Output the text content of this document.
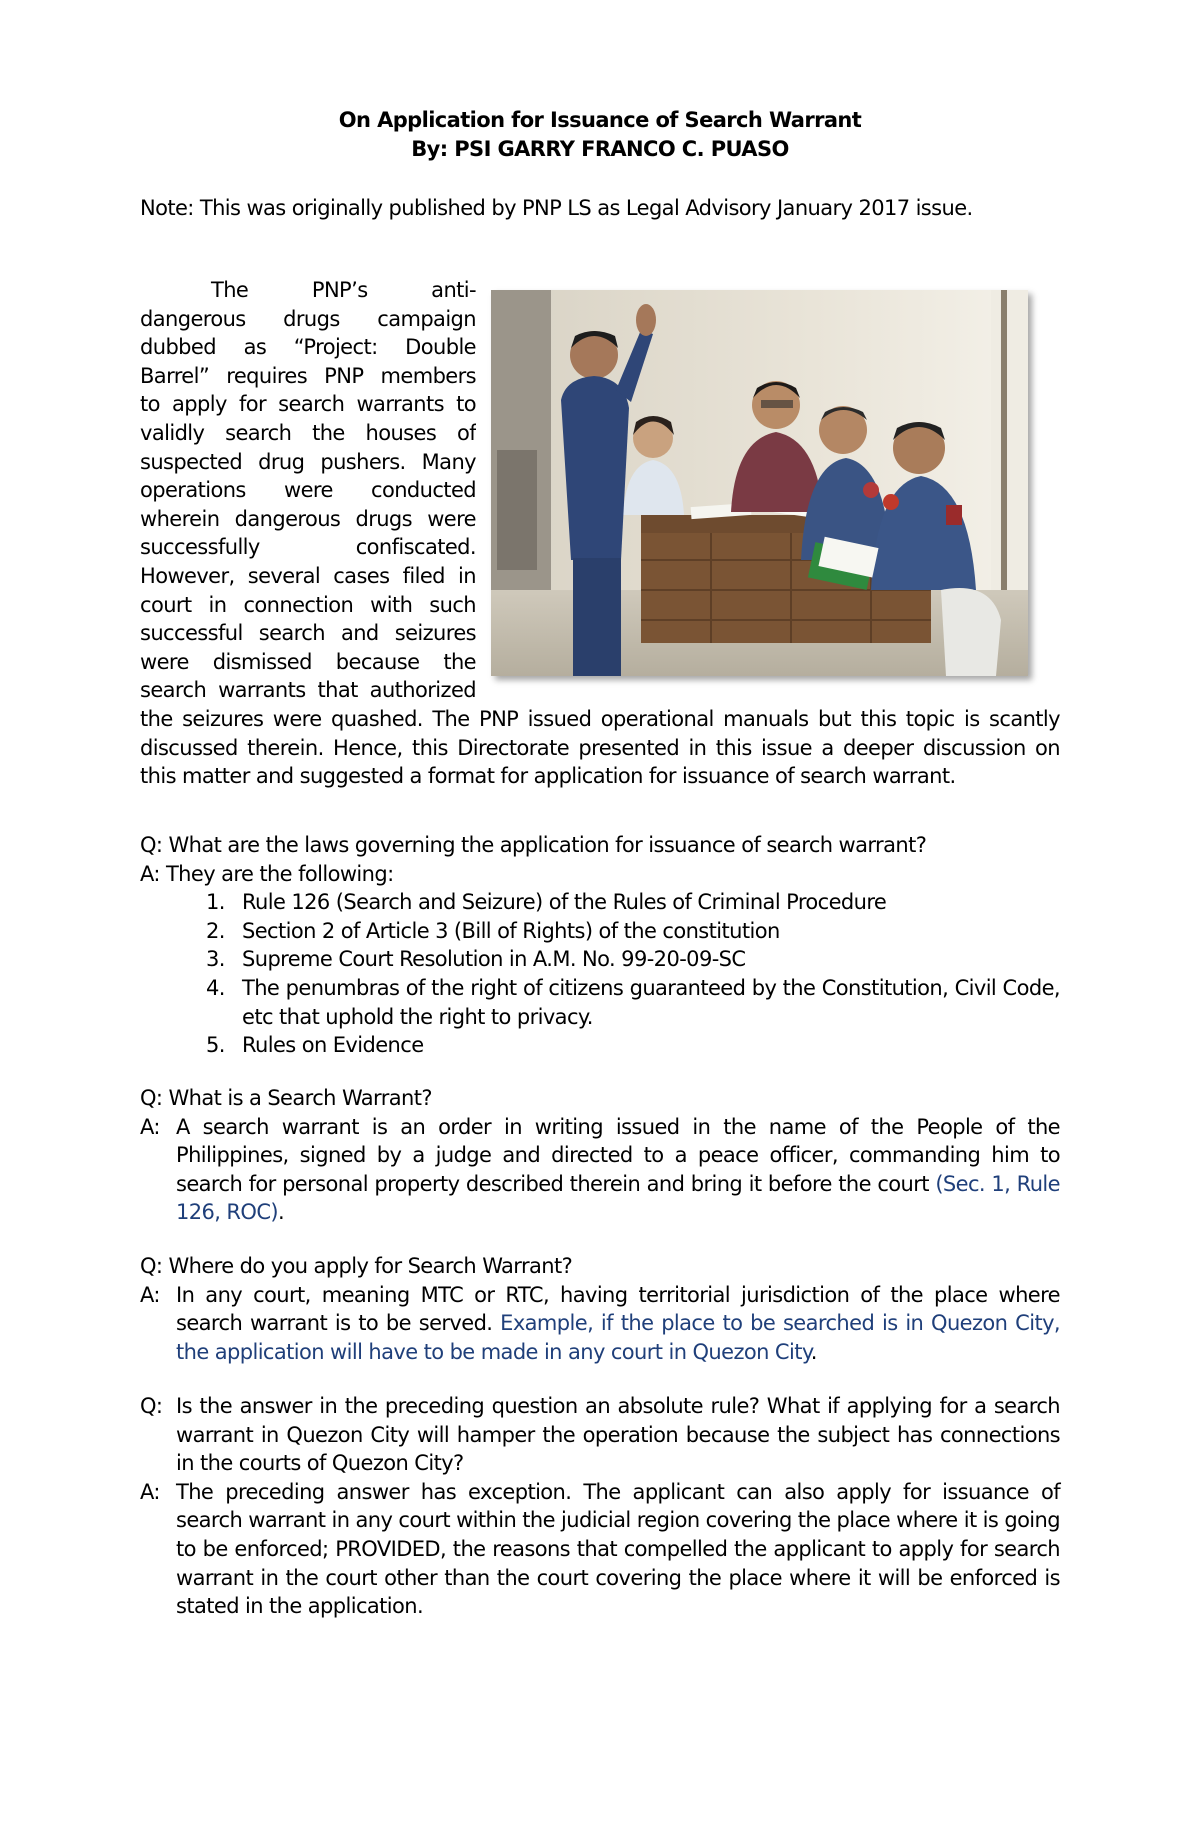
On Application for Issuance of Search Warrant
By: PSI GARRY FRANCO C. PUASO
Note: This was originally published by PNP LS as Legal Advisory January 2017 issue.
The PNP’s anti-
dangerous drugs campaign
dubbed as “Project: Double
Barrel” requires PNP members
to apply for search warrants to
validly search the houses of
suspected drug pushers. Many
operations were conducted
wherein dangerous drugs were
successfully confiscated.
However, several cases filed in
court in connection with such
successful search and seizures
were dismissed because the
search warrants that authorized
the seizures were quashed. The PNP issued operational manuals but this topic is scantly discussed therein. Hence, this Directorate presented in this issue a deeper discussion on this matter and suggested a format for application for issuance of search warrant.
Q: What are the laws governing the application for issuance of search warrant?
A: They are the following:
1. Rule 126 (Search and Seizure) of the Rules of Criminal Procedure
2. Section 2 of Article 3 (Bill of Rights) of the constitution
3. Supreme Court Resolution in A.M. No. 99-20-09-SC
4. The penumbras of the right of citizens guaranteed by the Constitution, Civil Code, etc that uphold the right to privacy.
5. Rules on Evidence
Q: What is a Search Warrant?
A: A search warrant is an order in writing issued in the name of the People of the Philippines, signed by a judge and directed to a peace officer, commanding him to search for personal property described therein and bring it before the court (Sec. 1, Rule 126, ROC).
Q: Where do you apply for Search Warrant?
A: In any court, meaning MTC or RTC, having territorial jurisdiction of the place where search warrant is to be served. Example, if the place to be searched is in Quezon City, the application will have to be made in any court in Quezon City.
Q: Is the answer in the preceding question an absolute rule? What if applying for a search warrant in Quezon City will hamper the operation because the subject has connections in the courts of Quezon City?
A: The preceding answer has exception. The applicant can also apply for issuance of search warrant in any court within the judicial region covering the place where it is going to be enforced; PROVIDED, the reasons that compelled the applicant to apply for search warrant in the court other than the court covering the place where it will be enforced is stated in the application.
